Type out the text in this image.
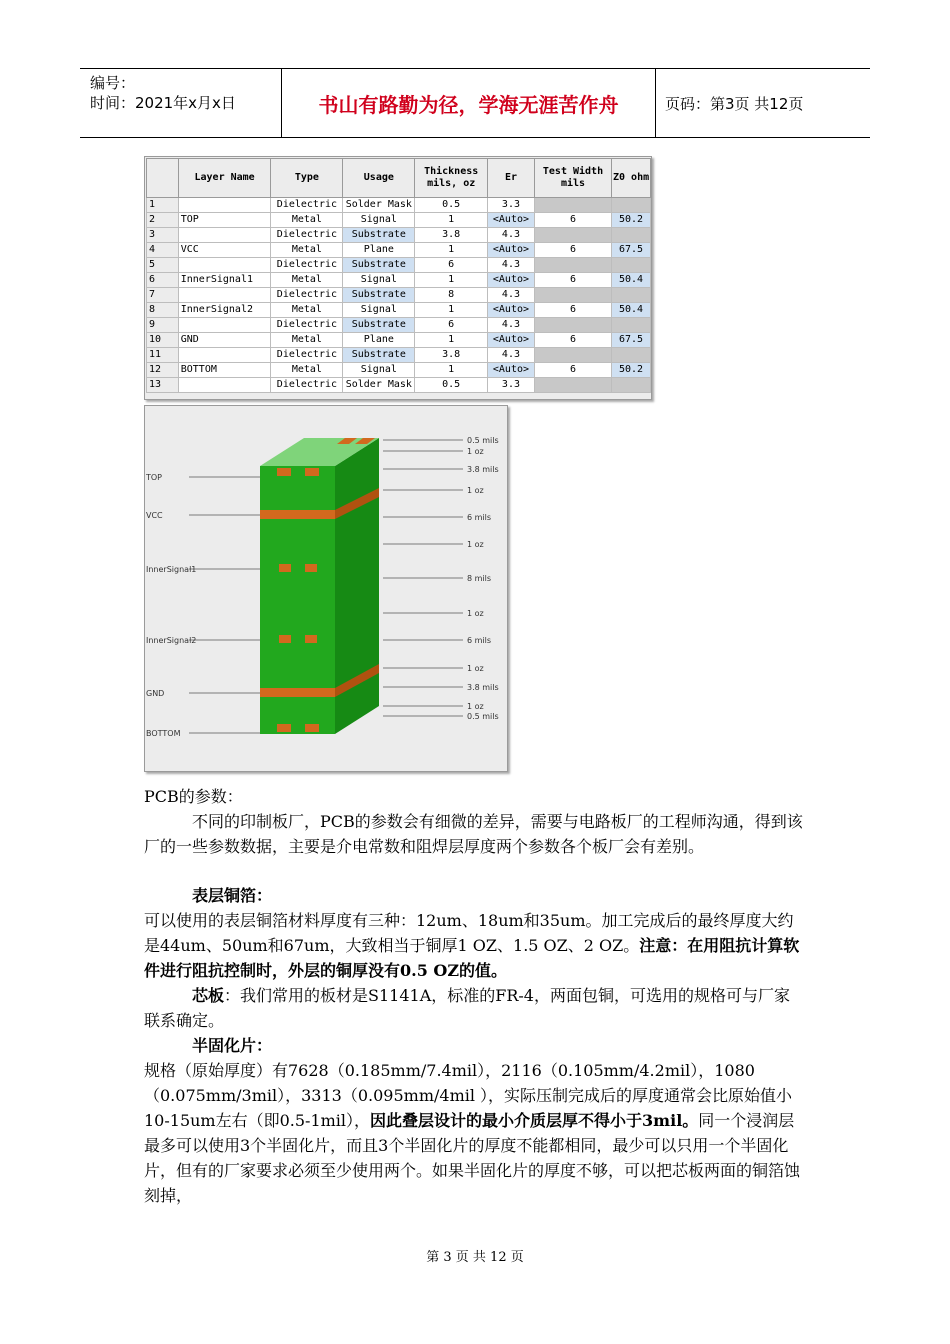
编号：
时间：2021年x月x日	书山有路勤为径，学海无涯苦作舟	页码：第3页 共12页
	Layer Name	Type	Usage	Thickness mils, oz	Er	Test Width mils	Z0 ohm
1		Dielectric	Solder Mask	0.5	3.3		
2	TOP	Metal	Signal	1	<Auto>	6	50.2
3		Dielectric	Substrate	3.8	4.3		
4	VCC	Metal	Plane	1	<Auto>	6	67.5
5		Dielectric	Substrate	6	4.3		
6	InnerSignal1	Metal	Signal	1	<Auto>	6	50.4
7		Dielectric	Substrate	8	4.3		
8	InnerSignal2	Metal	Signal	1	<Auto>	6	50.4
9		Dielectric	Substrate	6	4.3		
10	GND	Metal	Plane	1	<Auto>	6	67.5
11		Dielectric	Substrate	3.8	4.3		
12	BOTTOM	Metal	Signal	1	<Auto>	6	50.2
13		Dielectric	Solder Mask	0.5	3.3		
TOP
VCC
InnerSignal1
InnerSignal2
GND
BOTTOM
0.5 mils
1 oz
3.8 mils
1 oz
6 mils
1 oz
8 mils
1 oz
6 mils
1 oz
3.8 mils
1 oz
0.5 mils
PCB的参数：

不同的印制板厂，PCB的参数会有细微的差异，需要与电路板厂的工程师沟通，得到该厂的一些参数数据，主要是介电常数和阻焊层厚度两个参数各个板厂会有差别。

表层铜箔：

可以使用的表层铜箔材料厚度有三种：12um、18um和35um。加工完成后的最终厚度大约是44um、50um和67um，大致相当于铜厚1 OZ、1.5 OZ、2 OZ。注意：在用阻抗计算软件进行阻抗控制时，外层的铜厚没有0.5 OZ的值。

芯板：我们常用的板材是S1141A，标准的FR-4，两面包铜，可选用的规格可与厂家联系确定。

半固化片：

规格（原始厚度）有7628（0.185mm/7.4mil），2116（0.105mm/4.2mil），1080（0.075mm/3mil），3313（0.095mm/4mil ），实际压制完成后的厚度通常会比原始值小10-15um左右（即0.5-1mil），因此叠层设计的最小介质层厚不得小于3mil。同一个浸润层最多可以使用3个半固化片，而且3个半固化片的厚度不能都相同，最少可以只用一个半固化片，但有的厂家要求必须至少使用两个。如果半固化片的厚度不够，可以把芯板两面的铜箔蚀刻掉，

第 3 页 共 12 页
